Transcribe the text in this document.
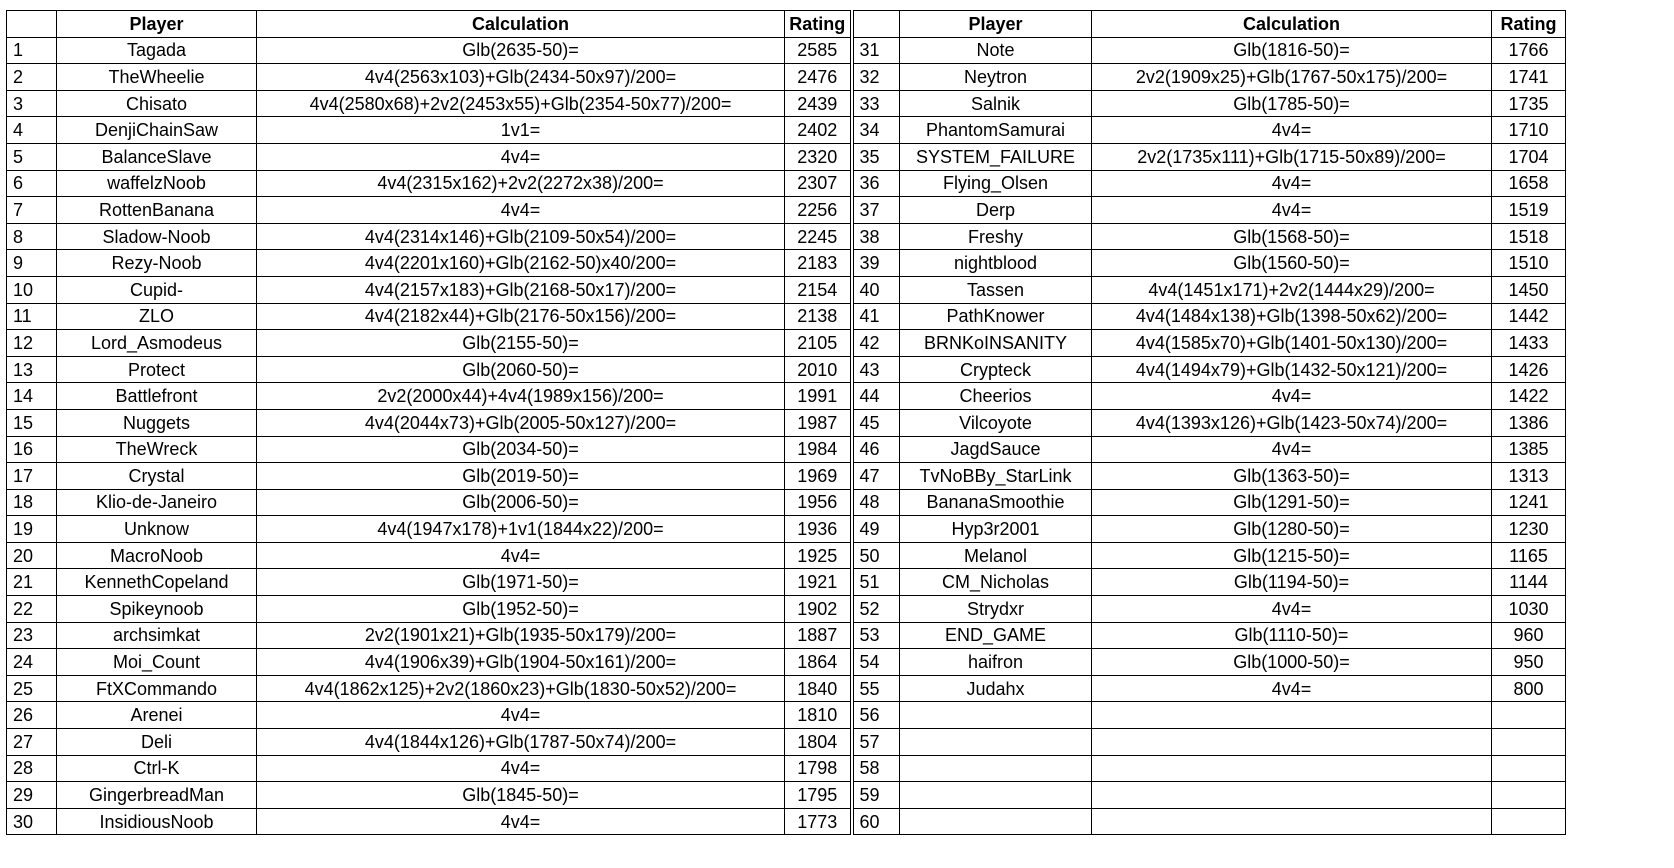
	Player	Calculation	Rating		Player	Calculation	Rating
1	Tagada	Glb(2635-50)=	2585	31	Note	Glb(1816-50)=	1766
2	TheWheelie	4v4(2563x103)+Glb(2434-50x97)/200=	2476	32	Neytron	2v2(1909x25)+Glb(1767-50x175)/200=	1741
3	Chisato	4v4(2580x68)+2v2(2453x55)+Glb(2354-50x77)/200=	2439	33	Salnik	Glb(1785-50)=	1735
4	DenjiChainSaw	1v1=	2402	34	PhantomSamurai	4v4=	1710
5	BalanceSlave	4v4=	2320	35	SYSTEM_FAILURE	2v2(1735x111)+Glb(1715-50x89)/200=	1704
6	waffelzNoob	4v4(2315x162)+2v2(2272x38)/200=	2307	36	Flying_Olsen	4v4=	1658
7	RottenBanana	4v4=	2256	37	Derp	4v4=	1519
8	Sladow-Noob	4v4(2314x146)+Glb(2109-50x54)/200=	2245	38	Freshy	Glb(1568-50)=	1518
9	Rezy-Noob	4v4(2201x160)+Glb(2162-50)x40/200=	2183	39	nightblood	Glb(1560-50)=	1510
10	Cupid-	4v4(2157x183)+Glb(2168-50x17)/200=	2154	40	Tassen	4v4(1451x171)+2v2(1444x29)/200=	1450
11	ZLO	4v4(2182x44)+Glb(2176-50x156)/200=	2138	41	PathKnower	4v4(1484x138)+Glb(1398-50x62)/200=	1442
12	Lord_Asmodeus	Glb(2155-50)=	2105	42	BRNKoINSANITY	4v4(1585x70)+Glb(1401-50x130)/200=	1433
13	Protect	Glb(2060-50)=	2010	43	Crypteck	4v4(1494x79)+Glb(1432-50x121)/200=	1426
14	Battlefront	2v2(2000x44)+4v4(1989x156)/200=	1991	44	Cheerios	4v4=	1422
15	Nuggets	4v4(2044x73)+Glb(2005-50x127)/200=	1987	45	Vilcoyote	4v4(1393x126)+Glb(1423-50x74)/200=	1386
16	TheWreck	Glb(2034-50)=	1984	46	JagdSauce	4v4=	1385
17	Crystal	Glb(2019-50)=	1969	47	TvNoBBy_StarLink	Glb(1363-50)=	1313
18	Klio-de-Janeiro	Glb(2006-50)=	1956	48	BananaSmoothie	Glb(1291-50)=	1241
19	Unknow	4v4(1947x178)+1v1(1844x22)/200=	1936	49	Hyp3r2001	Glb(1280-50)=	1230
20	MacroNoob	4v4=	1925	50	Melanol	Glb(1215-50)=	1165
21	KennethCopeland	Glb(1971-50)=	1921	51	CM_Nicholas	Glb(1194-50)=	1144
22	Spikeynoob	Glb(1952-50)=	1902	52	Strydxr	4v4=	1030
23	archsimkat	2v2(1901x21)+Glb(1935-50x179)/200=	1887	53	END_GAME	Glb(1110-50)=	960
24	Moi_Count	4v4(1906x39)+Glb(1904-50x161)/200=	1864	54	haifron	Glb(1000-50)=	950
25	FtXCommando	4v4(1862x125)+2v2(1860x23)+Glb(1830-50x52)/200=	1840	55	Judahx	4v4=	800
26	Arenei	4v4=	1810	56			
27	Deli	4v4(1844x126)+Glb(1787-50x74)/200=	1804	57			
28	Ctrl-K	4v4=	1798	58			
29	GingerbreadMan	Glb(1845-50)=	1795	59			
30	InsidiousNoob	4v4=	1773	60			
